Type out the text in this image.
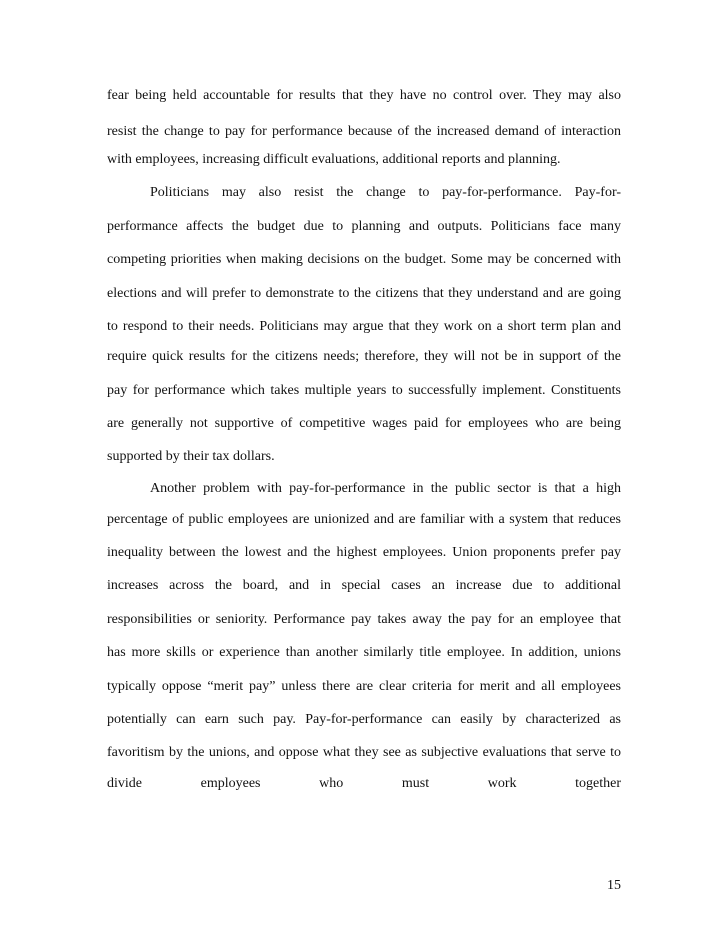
fear being held accountable for results that they have no control over. They may also
resist the change to pay for performance because of the increased demand of interaction
with employees, increasing difficult evaluations, additional reports and planning.
Politicians may also resist the change to pay-for-performance. Pay-for-
performance affects the budget due to planning and outputs. Politicians face many
competing priorities when making decisions on the budget. Some may be concerned with
elections and will prefer to demonstrate to the citizens that they understand and are going
to respond to their needs. Politicians may argue that they work on a short term plan and
require quick results for the citizens needs; therefore, they will not be in support of the
pay for performance which takes multiple years to successfully implement. Constituents
are generally not supportive of competitive wages paid for employees who are being
supported by their tax dollars.
Another problem with pay-for-performance in the public sector is that a high
percentage of public employees are unionized and are familiar with a system that reduces
inequality between the lowest and the highest employees. Union proponents prefer pay
increases across the board, and in special cases an increase due to additional
responsibilities or seniority. Performance pay takes away the pay for an employee that
has more skills or experience than another similarly title employee. In addition, unions
typically oppose “merit pay” unless there are clear criteria for merit and all employees
potentially can earn such pay. Pay-for-performance can easily by characterized as
favoritism by the unions, and oppose what they see as subjective evaluations that serve to
divide employees who must work together
15
